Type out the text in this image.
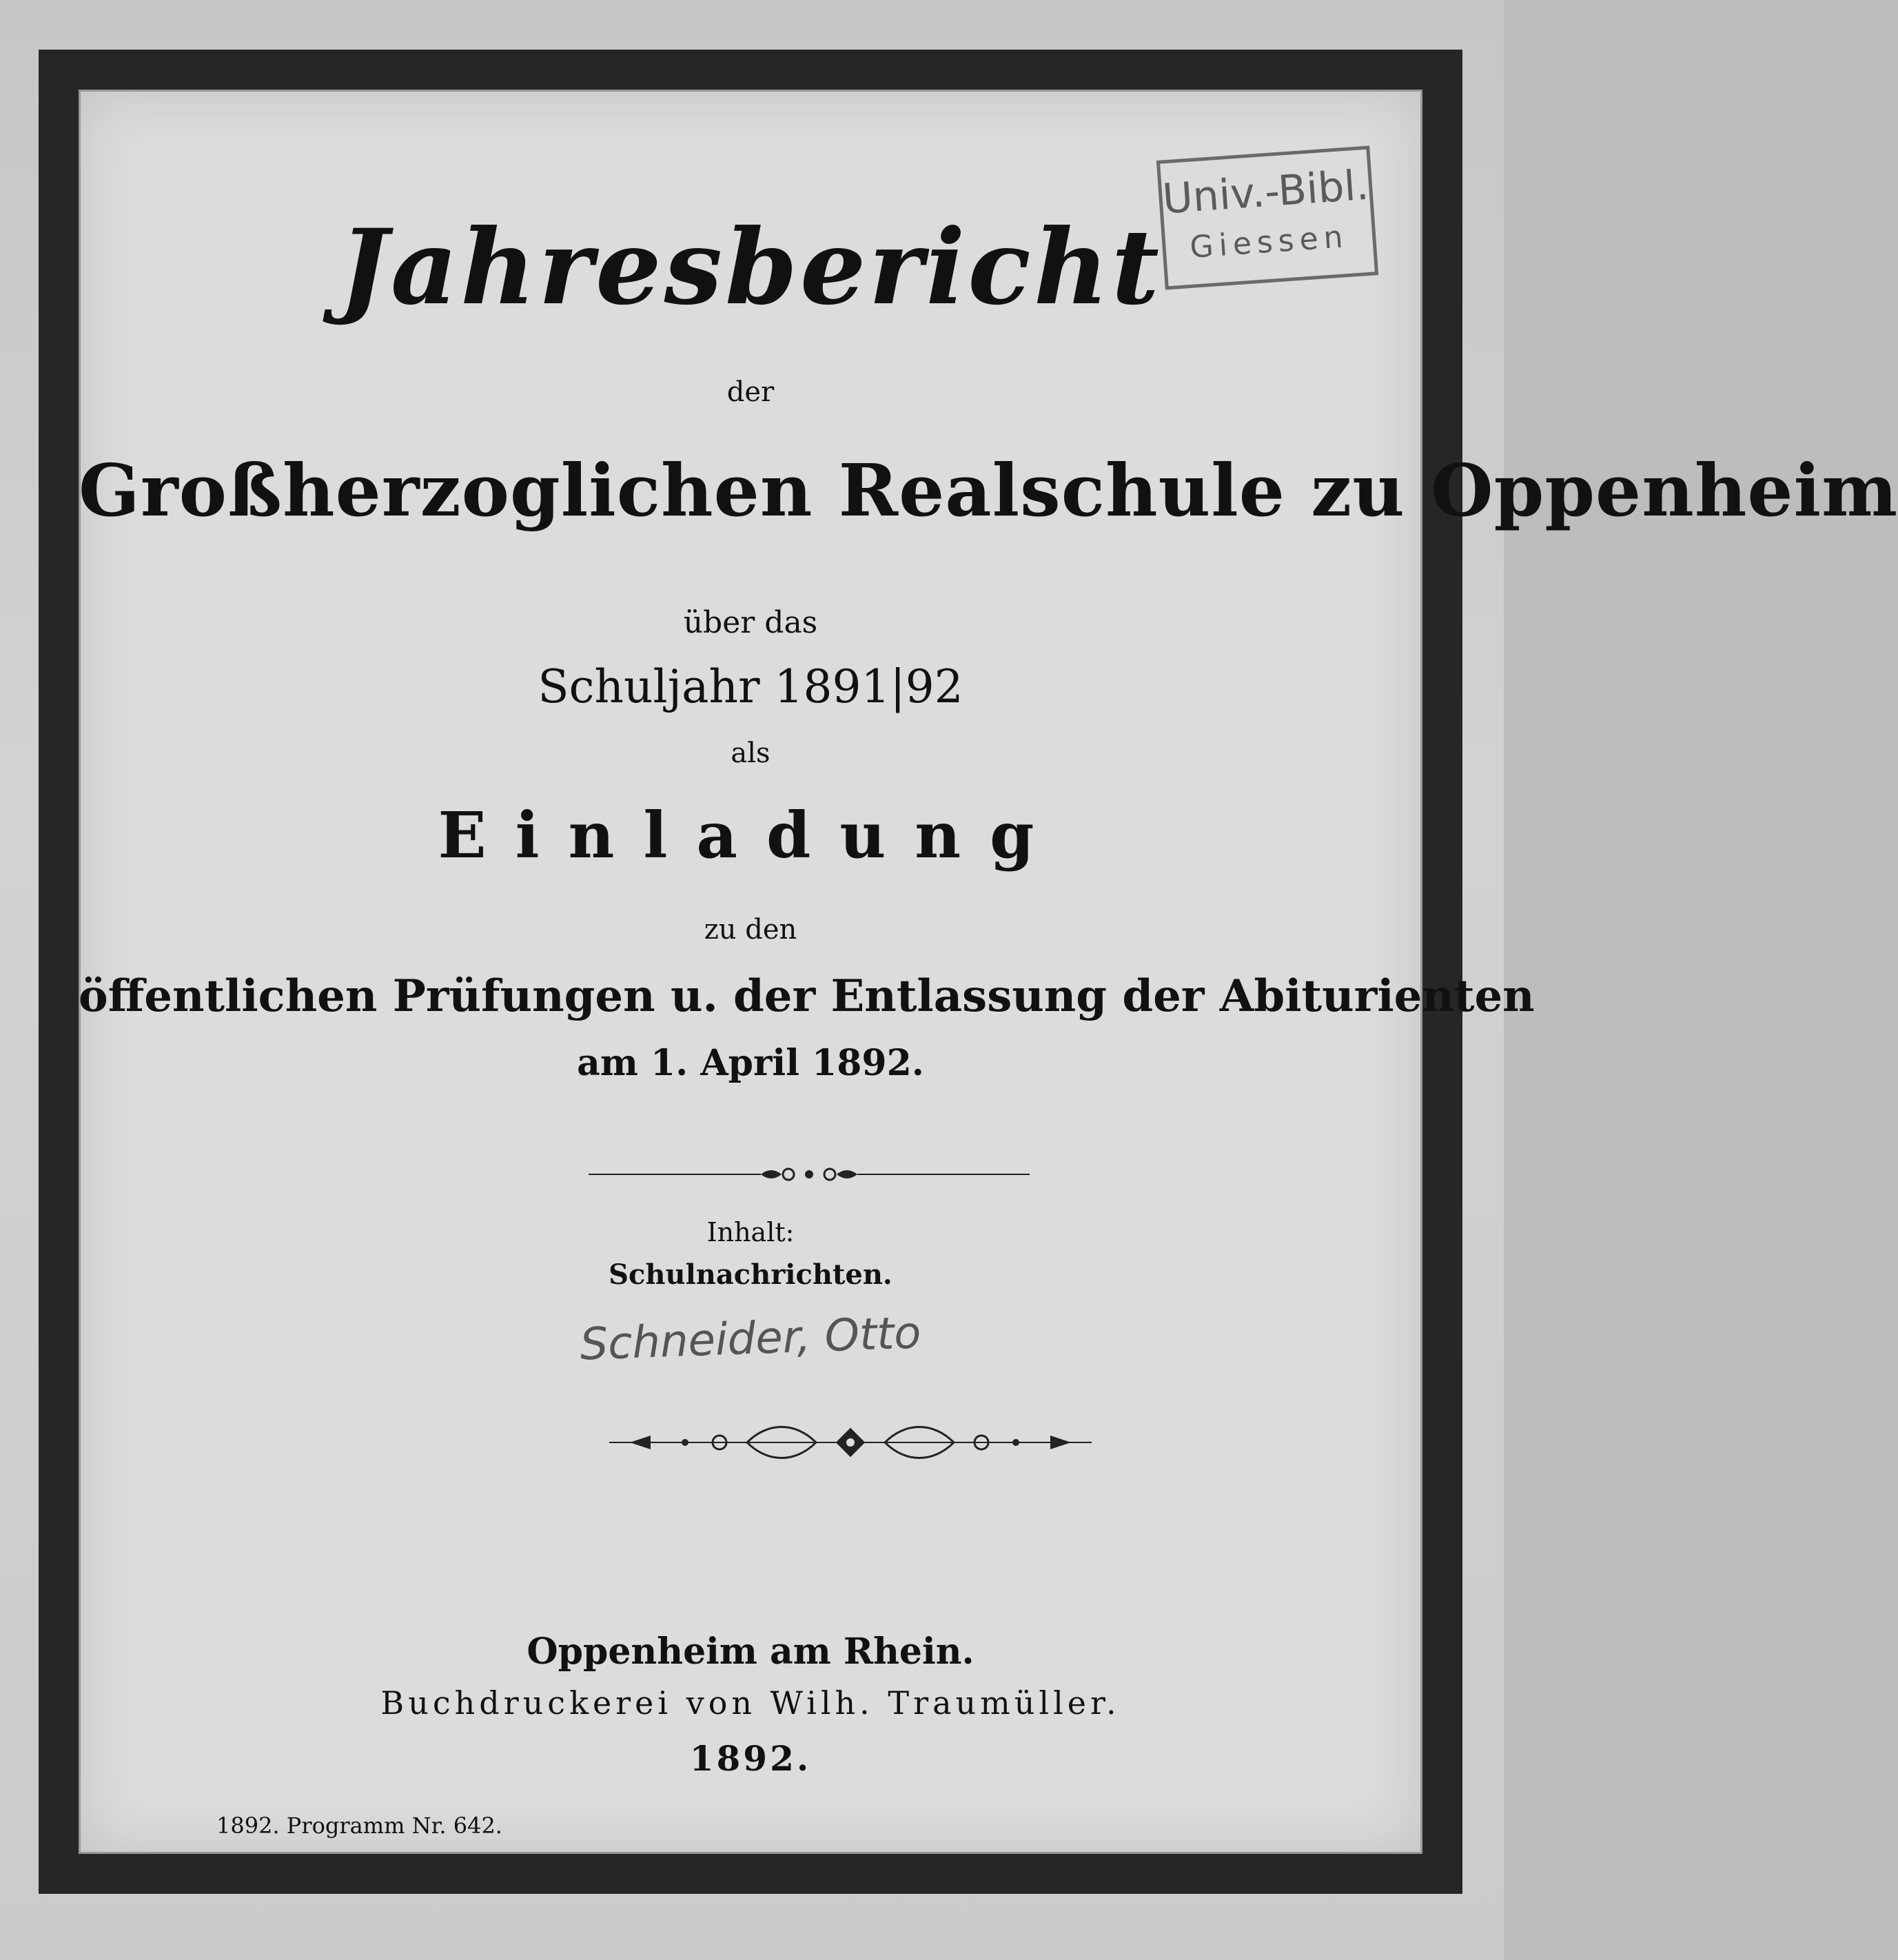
Jahresbericht

der

Großherzoglichen Realschule zu Oppenheim

über das

Schuljahr 1891|92

als

Einladung

zu den

öffentlichen Prüfungen u. der Entlassung der Abiturienten

am 1. April 1892.

Inhalt:

Schulnachrichten.

Schneider, Otto

Oppenheim am Rhein.

Buchdruckerei von Wilh. Traumüller.

1892.

1892. Programm Nr. 642.
Univ.-Bibl.
Giessen
